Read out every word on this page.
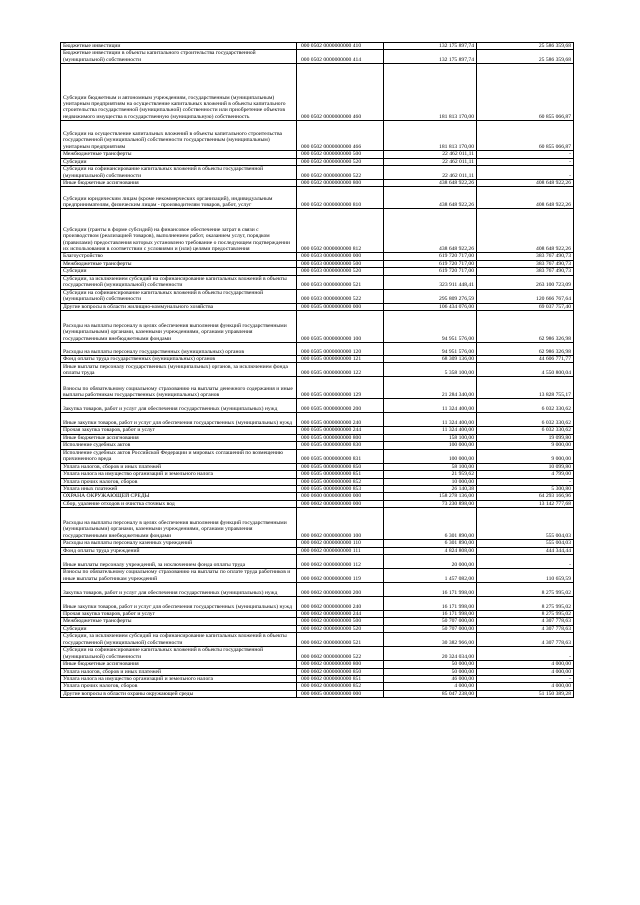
Бюджетные инвестиции	000 0502 0000000000 410	132 175 897,74	25 586 359,68
Бюджетные инвестиции в объекты капитального строительства государственной (муниципальной) собственности	000 0502 0000000000 414	132 175 897,74	25 586 359,68
Субсидии бюджетным и автономным учреждениям, государственным (муниципальным) унитарным предприятиям на осуществление капитальных вложений в объекты капитального строительства государственной (муниципальной) собственности или приобретение объектов недвижимого имущества в государственную (муниципальную) собственность	000 0502 0000000000 460	181 813 170,00	60 855 066,87
Субсидии на осуществление капитальных вложений в объекты капитального строительства государственной (муниципальной) собственности государственным (муниципальным) унитарным предприятиям	000 0502 0000000000 466	181 813 170,00	60 855 066,87
Межбюджетные трансферты	000 0502 0000000000 500	22 462 011,11	-
Субсидии	000 0502 0000000000 520	22 462 011,11	-
Субсидии на софинансирование капитальных вложений в объекты государственной (муниципальной) собственности	000 0502 0000000000 522	22 462 011,11	-
Иные бюджетные ассигнования	000 0502 0000000000 800	438 648 922,26	408 648 922,26
Субсидии юридическим лицам (кроме некоммерческих организаций), индивидуальным предпринимателям, физическим лицам - производителям товаров, работ, услуг	000 0502 0000000000 810	438 648 922,26	408 648 922,26
Субсидии (гранты в форме субсидий) на финансовое обеспечение затрат в связи с производством (реализацией товаров), выполнением работ, оказанием услуг, порядком (правилами) предоставления которых установлено требование о последующем подтверждении их использования в соответствии с условиями и (или) целями предоставления	000 0502 0000000000 812	438 648 922,26	408 648 922,26
Благоустройство	000 0503 0000000000 000	619 720 717,00	383 767 490,73
Межбюджетные трансферты	000 0503 0000000000 500	619 720 717,00	383 767 490,73
Субсидии	000 0503 0000000000 520	619 720 717,00	383 767 490,73
Субсидии, за исключением субсидий на софинансирование капитальных вложений в объекты государственной (муниципальной) собственности	000 0503 0000000000 521	323 911 448,41	263 100 723,09
Субсидии на софинансирование капитальных вложений в объекты государственной (муниципальной) собственности	000 0503 0000000000 522	295 809 276,59	120 666 767,64
Другие вопросы в области жилищно-коммунального хозяйства	000 0505 0000000000 000	106 434 076,00	69 037 757,40
Расходы на выплаты персоналу в целях обеспечения выполнения функций государственными (муниципальными) органами, казенными учреждениями, органами управления государственными внебюджетными фондами	000 0505 0000000000 100	94 951 576,00	62 986 326,98
Расходы на выплаты персоналу государственных (муниципальных) органов	000 0505 0000000000 120	94 951 576,00	62 986 326,98
Фонд оплаты труда государственных (муниципальных) органов	000 0505 0000000000 121	68 309 136,00	44 606 771,77
Иные выплаты персоналу государственных (муниципальных) органов, за исключением фонда оплаты труда	000 0505 0000000000 122	5 358 100,00	4 550 800,04
Взносы по обязательному социальному страхованию на выплаты денежного содержания и иные выплаты работникам государственных (муниципальных) органов	000 0505 0000000000 129	21 284 340,00	13 828 755,17
Закупка товаров, работ и услуг для обеспечения государственных (муниципальных) нужд	000 0505 0000000000 200	11 324 400,00	6 032 330,62
Иные закупки товаров, работ и услуг для обеспечения государственных (муниципальных) нужд	000 0505 0000000000 240	11 324 400,00	6 032 330,62
Прочая закупка товаров, работ и услуг	000 0505 0000000000 244	11 324 400,00	6 032 330,62
Иные бюджетные ассигнования	000 0505 0000000000 800	158 100,00	19 099,80
Исполнение судебных актов	000 0505 0000000000 830	100 000,00	9 000,00
Исполнение судебных актов Российской Федерации и мировых соглашений по возмещению причиненного вреда	000 0505 0000000000 831	100 000,00	9 000,00
Уплата налогов, сборов и иных платежей	000 0505 0000000000 850	58 100,00	10 099,80
Уплата налога на имущество организаций и земельного налога	000 0505 0000000000 851	21 959,62	4 799,00
Уплата прочих налогов, сборов	000 0505 0000000000 852	10 000,00	-
Уплата иных платежей	000 0505 0000000000 853	26 140,38	5 300,80
ОХРАНА ОКРУЖАЮЩЕЙ СРЕДЫ	000 0600 0000000000 000	158 278 136,00	64 293 166,96
Сбор, удаление отходов и очистка сточных вод	000 0602 0000000000 000	73 230 898,00	13 142 777,68
Расходы на выплаты персоналу в целях обеспечения выполнения функций государственными (муниципальными) органами, казенными учреждениями, органами управления государственными внебюджетными фондами	000 0602 0000000000 100	6 301 890,00	555 004,03
Расходы на выплаты персоналу казенных учреждений	000 0602 0000000000 110	6 301 890,00	555 004,03
Фонд оплаты труда учреждений	000 0602 0000000000 111	4 824 808,00	444 344,44
Иные выплаты персоналу учреждений, за исключением фонда оплаты труда	000 0602 0000000000 112	20 000,00	-
Взносы по обязательному социальному страхованию на выплаты по оплате труда работников и иные выплаты работникам учреждений	000 0602 0000000000 119	1 457 082,00	110 659,59
Закупка товаров, работ и услуг для обеспечения государственных (муниципальных) нужд	000 0602 0000000000 200	16 171 998,00	8 275 995,02
Иные закупки товаров, работ и услуг для обеспечения государственных (муниципальных) нужд	000 0602 0000000000 240	16 171 998,00	8 275 995,02
Прочая закупка товаров, работ и услуг	000 0602 0000000000 244	16 171 998,00	8 275 995,02
Межбюджетные трансферты	000 0602 0000000000 500	50 707 000,00	4 307 778,63
Субсидии	000 0602 0000000000 520	50 707 000,00	4 307 778,63
Субсидии, за исключением субсидий на софинансирование капитальных вложений в объекты государственной (муниципальной) собственности	000 0602 0000000000 521	30 382 966,00	4 307 778,63
Субсидии на софинансирование капитальных вложений в объекты государственной (муниципальной) собственности	000 0602 0000000000 522	20 324 034,00	-
Иные бюджетные ассигнования	000 0602 0000000000 800	50 000,00	4 000,00
Уплата налогов, сборов и иных платежей	000 0602 0000000000 850	50 000,00	4 000,00
Уплата налога на имущество организаций и земельного налога	000 0602 0000000000 851	46 000,00	-
Уплата прочих налогов, сборов	000 0602 0000000000 852	4 000,00	4 000,00
Другие вопросы в области охраны окружающей среды	000 0605 0000000000 000	85 047 238,00	51 150 389,28
